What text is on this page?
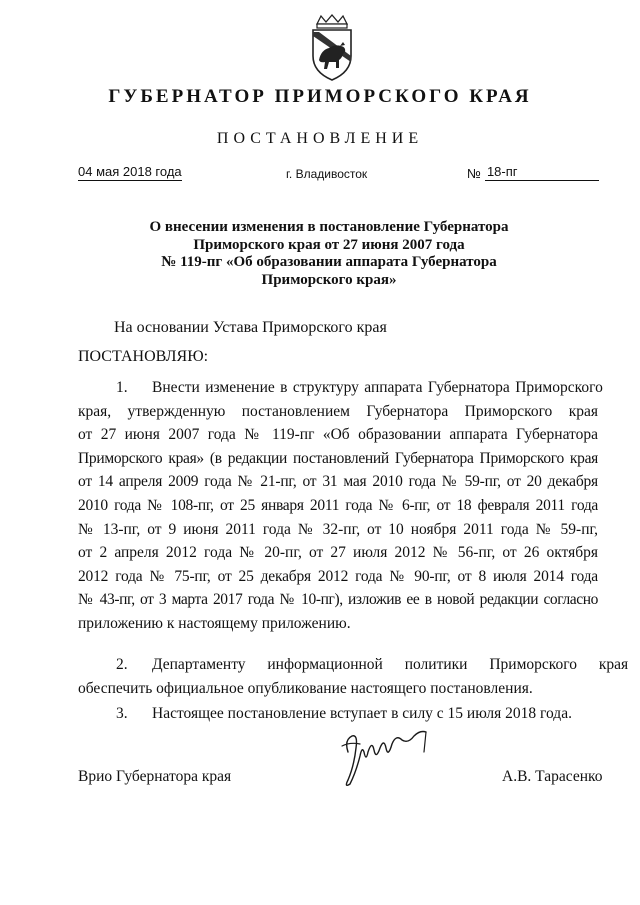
ГУБЕРНАТОР ПРИМОРСКОГО КРАЯ
ПОСТАНОВЛЕНИЕ
04 мая 2018 года	г. Владивосток	№ 18-пг
О внесении изменения в постановление Губернатора
Приморского края от 27 июня 2007 года
№ 119-пг «Об образовании аппарата Губернатора
Приморского края»
На основании Устава Приморского края
ПОСТАНОВЛЯЮ:
1. Внести изменение в структуру аппарата Губернатора Приморского
края, утвержденную постановлением Губернатора Приморского края
от 27 июня 2007 года № 119-пг «Об образовании аппарата Губернатора
Приморского края» (в редакции постановлений Губернатора Приморского края
от 14 апреля 2009 года № 21-пг, от 31 мая 2010 года № 59-пг, от 20 декабря
2010 года № 108-пг, от 25 января 2011 года № 6-пг, от 18 февраля 2011 года
№ 13-пг, от 9 июня 2011 года № 32-пг, от 10 ноября 2011 года № 59-пг,
от 2 апреля 2012 года № 20-пг, от 27 июля 2012 № 56-пг, от 26 октября
2012 года № 75-пг, от 25 декабря 2012 года № 90-пг, от 8 июля 2014 года
№ 43-пг, от 3 марта 2017 года № 10-пг), изложив ее в новой редакции согласно
приложению к настоящему приложению.
2. Департаменту информационной политики Приморского края
обеспечить официальное опубликование настоящего постановления.
3. Настоящее постановление вступает в силу с 15 июля 2018 года.
Врио Губернатора края	А.В. Тарасенко
